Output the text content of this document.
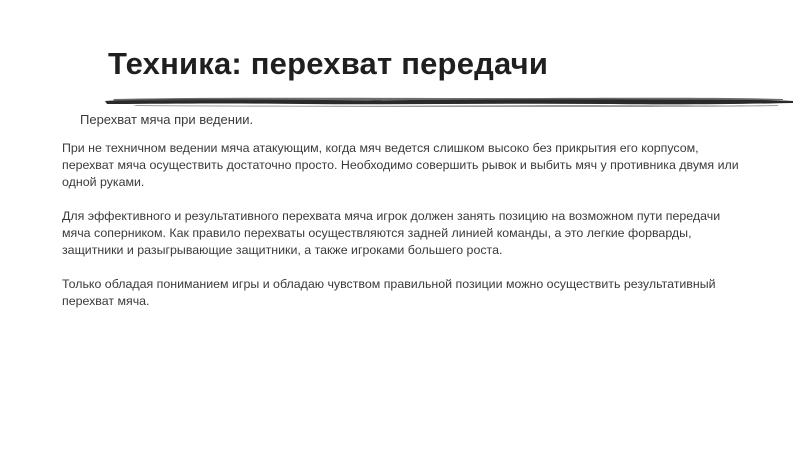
Техника: перехват передачи
Перехват мяча при ведении.

При не техничном ведении мяча атакующим, когда мяч ведется слишком высоко без прикрытия его корпусом, перехват мяча осуществить достаточно просто. Необходимо совершить рывок и выбить мяч у противника двумя или одной руками.

Для эффективного и результативного перехвата мяча игрок должен занять позицию на возможном пути передачи мяча соперником. Как правило перехваты осуществляются задней линией команды, а это легкие форварды, защитники и разыгрывающие защитники, а также игроками большего роста.

Только обладая пониманием игры и обладаю чувством правильной позиции можно осуществить результативный перехват мяча.
